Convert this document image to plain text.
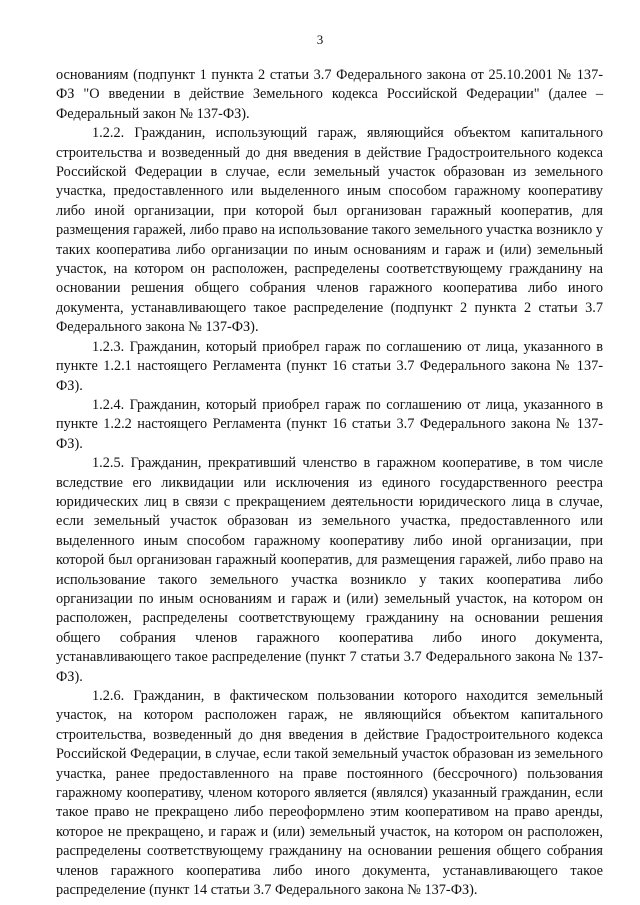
3

основаниям (подпункт 1 пункта 2 статьи 3.7 Федерального закона от 25.10.2001 № 137-ФЗ "О введении в действие Земельного кодекса Российской Федерации" (далее – Федеральный закон № 137-ФЗ).

1.2.2. Гражданин, использующий гараж, являющийся объектом капитального строительства и возведенный до дня введения в действие Градостроительного кодекса Российской Федерации в случае, если земельный участок образован из земельного участка, предоставленного или выделенного иным способом гаражному кооперативу либо иной организации, при которой был организован гаражный кооператив, для размещения гаражей, либо право на использование такого земельного участка возникло у таких кооператива либо организации по иным основаниям и гараж и (или) земельный участок, на котором он расположен, распределены соответствующему гражданину на основании решения общего собрания членов гаражного кооператива либо иного документа, устанавливающего такое распределение (подпункт 2 пункта 2 статьи 3.7 Федерального закона № 137-ФЗ).

1.2.3. Гражданин, который приобрел гараж по соглашению от лица, указанного в пункте 1.2.1 настоящего Регламента (пункт 16 статьи 3.7 Федерального закона № 137-ФЗ).

1.2.4. Гражданин, который приобрел гараж по соглашению от лица, указанного в пункте 1.2.2 настоящего Регламента (пункт 16 статьи 3.7 Федерального закона № 137-ФЗ).

1.2.5. Гражданин, прекративший членство в гаражном кооперативе, в том числе вследствие его ликвидации или исключения из единого государственного реестра юридических лиц в связи с прекращением деятельности юридического лица в случае, если земельный участок образован из земельного участка, предоставленного или выделенного иным способом гаражному кооперативу либо иной организации, при которой был организован гаражный кооператив, для размещения гаражей, либо право на использование такого земельного участка возникло у таких кооператива либо организации по иным основаниям и гараж и (или) земельный участок, на котором он расположен, распределены соответствующему гражданину на основании решения общего собрания членов гаражного кооператива либо иного документа, устанавливающего такое распределение (пункт 7 статьи 3.7 Федерального закона № 137-ФЗ).

1.2.6. Гражданин, в фактическом пользовании которого находится земельный участок, на котором расположен гараж, не являющийся объектом капитального строительства, возведенный до дня введения в действие Градостроительного кодекса Российской Федерации, в случае, если такой земельный участок образован из земельного участка, ранее предоставленного на праве постоянного (бессрочного) пользования гаражному кооперативу, членом которого является (являлся) указанный гражданин, если такое право не прекращено либо переоформлено этим кооперативом на право аренды, которое не прекращено, и гараж и (или) земельный участок, на котором он расположен, распределены соответствующему гражданину на основании решения общего собрания членов гаражного кооператива либо иного документа, устанавливающего такое распределение (пункт 14 статьи 3.7 Федерального закона № 137-ФЗ).
